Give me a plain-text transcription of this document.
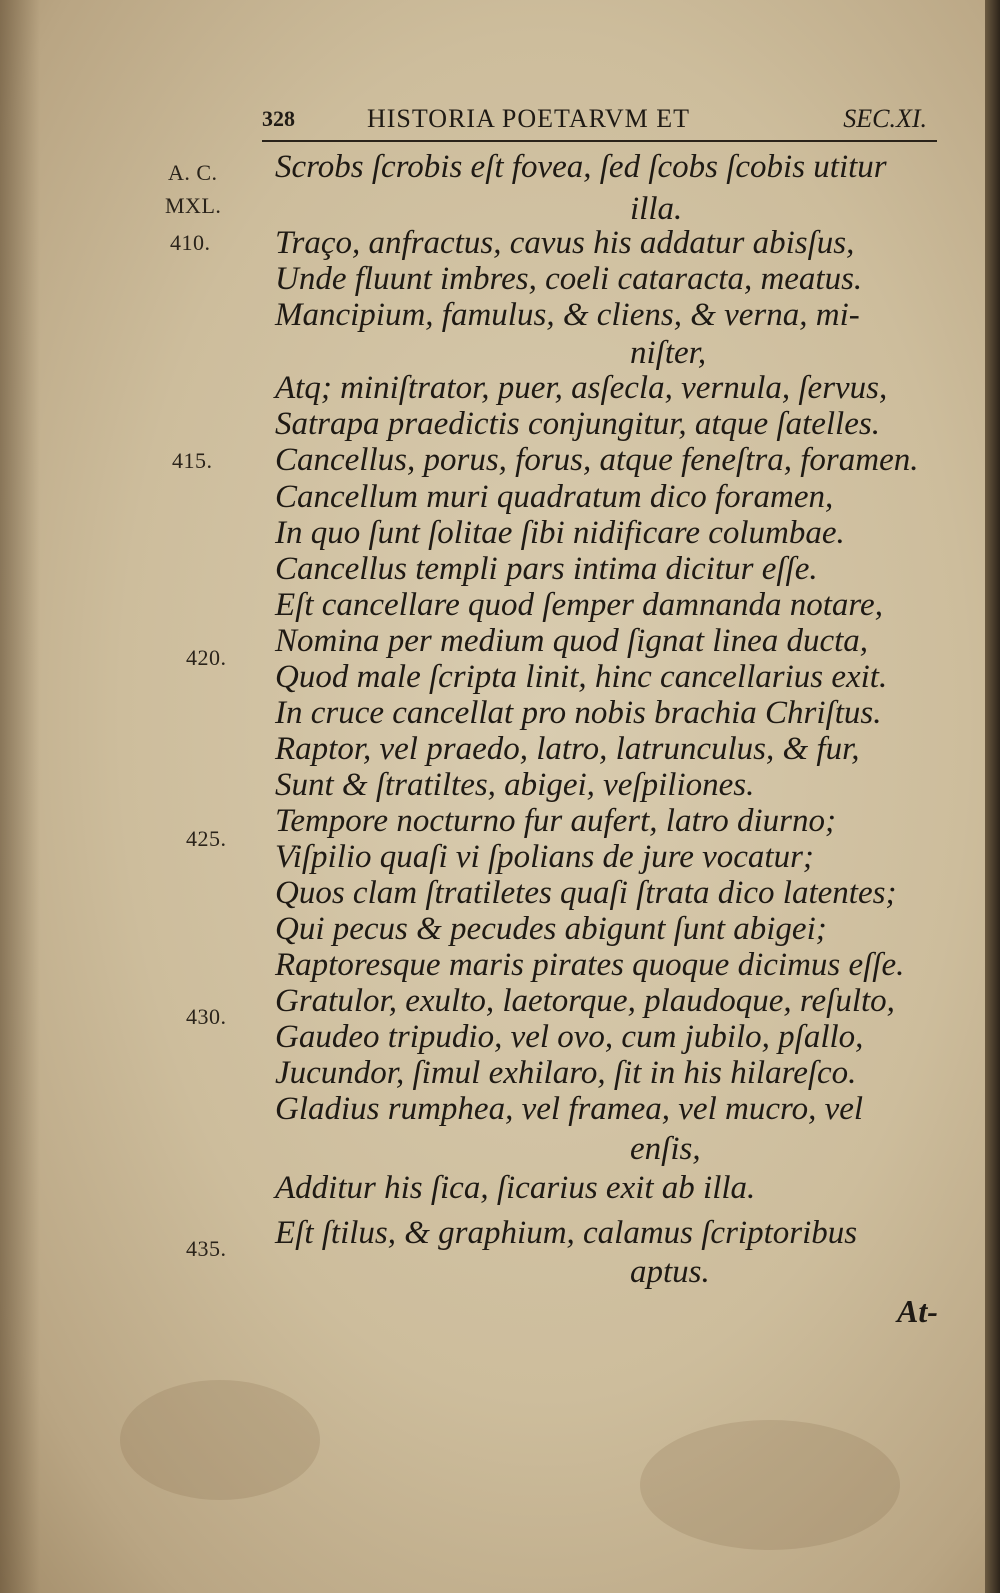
328	HISTORIA POETARVM ET	SEC.XI.
A. C.
MXL.
410.
415.
420.
425.
430.
435.
Scrobs ſcrobis eſt fovea, ſed ſcobs ſcobis utitur
illa.
Traço, anfractus, cavus his addatur abisſus,
Unde fluunt imbres, coeli cataracta, meatus.
Mancipium, famulus, & cliens, & verna, mi-
niſter,
Atq; miniſtrator, puer, asſecla, vernula, ſervus,
Satrapa praedictis conjungitur, atque ſatelles.
Cancellus, porus, forus, atque feneſtra, foramen.
Cancellum muri quadratum dico foramen,
In quo ſunt ſolitae ſibi nidificare columbae.
Cancellus templi pars intima dicitur eſſe.
Eſt cancellare quod ſemper damnanda notare,
Nomina per medium quod ſignat linea ducta,
Quod male ſcripta linit, hinc cancellarius exit.
In cruce cancellat pro nobis brachia Chriſtus.
Raptor, vel praedo, latro, latrunculus, & fur,
Sunt & ſtratiltes, abigei, veſpiliones.
Tempore nocturno fur aufert, latro diurno;
Viſpilio quaſi vi ſpolians de jure vocatur;
Quos clam ſtratiletes quaſi ſtrata dico latentes;
Qui pecus & pecudes abigunt ſunt abigei;
Raptoresque maris pirates quoque dicimus eſſe.
Gratulor, exulto, laetorque, plaudoque, reſulto,
Gaudeo tripudio, vel ovo, cum jubilo, pſallo,
Jucundor, ſimul exhilaro, ſit in his hilareſco.
Gladius rumphea, vel framea, vel mucro, vel
enſis,
Additur his ſica, ſicarius exit ab illa.
Eſt ſtilus, & graphium, calamus ſcriptoribus
aptus.
At-
